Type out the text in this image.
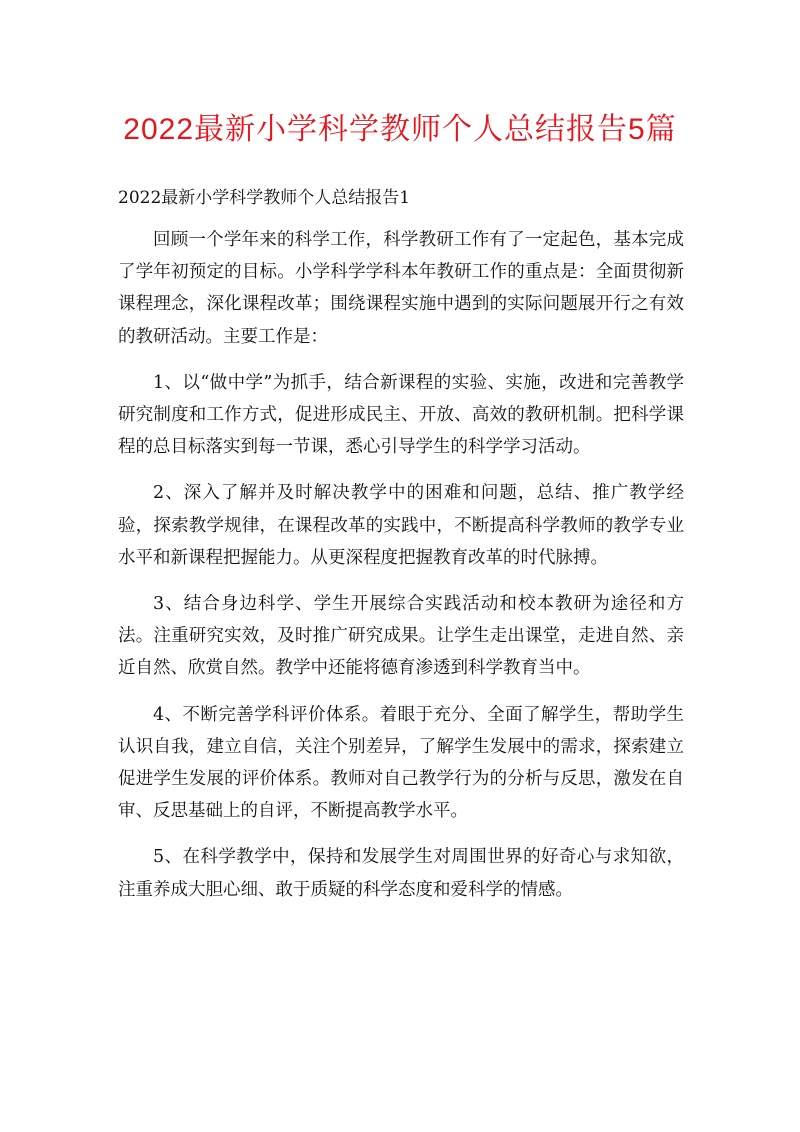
2022最新小学科学教师个人总结报告5篇
2022最新小学科学教师个人总结报告1

回顾一个学年来的科学工作，科学教研工作有了一定起色，基本完成了学年初预定的目标。小学科学学科本年教研工作的重点是：全面贯彻新课程理念，深化课程改革；围绕课程实施中遇到的实际问题展开行之有效的教研活动。主要工作是：

1、以“做中学”为抓手，结合新课程的实验、实施，改进和完善教学研究制度和工作方式，促进形成民主、开放、高效的教研机制。把科学课程的总目标落实到每一节课，悉心引导学生的科学学习活动。

2、深入了解并及时解决教学中的困难和问题，总结、推广教学经验，探索教学规律，在课程改革的实践中，不断提高科学教师的教学专业水平和新课程把握能力。从更深程度把握教育改革的时代脉搏。

3、结合身边科学、学生开展综合实践活动和校本教研为途径和方法。注重研究实效，及时推广研究成果。让学生走出课堂，走进自然、亲近自然、欣赏自然。教学中还能将德育渗透到科学教育当中。

4、不断完善学科评价体系。着眼于充分、全面了解学生，帮助学生认识自我，建立自信，关注个别差异，了解学生发展中的需求，探索建立促进学生发展的评价体系。教师对自己教学行为的分析与反思，激发在自审、反思基础上的自评，不断提高教学水平。

5、在科学教学中，保持和发展学生对周围世界的好奇心与求知欲，注重养成大胆心细、敢于质疑的科学态度和爱科学的情感。
